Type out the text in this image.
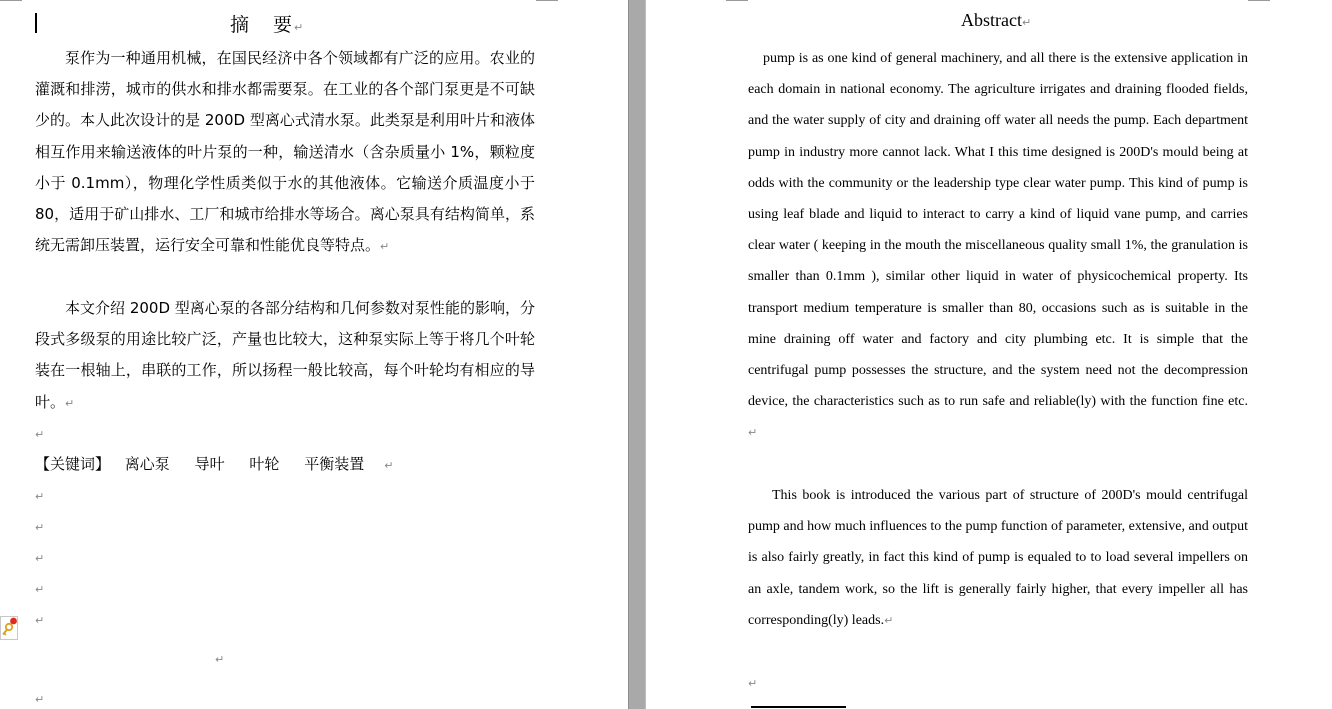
摘 要↵
泵作为一种通用机械，在国民经济中各个领域都有广泛的应用。农业的灌溉和排涝，城市的供水和排水都需要泵。在工业的各个部门泵更是不可缺少的。本人此次设计的是 200D 型离心式清水泵。此类泵是利用叶片和液体相互作用来输送液体的叶片泵的一种，输送清水（含杂质量小 1%，颗粒度小于 0.1mm），物理化学性质类似于水的其他液体。它输送介质温度小于 80，适用于矿山排水、工厂和城市给排水等场合。离心泵具有结构简单，系统无需卸压装置，运行安全可靠和性能优良等特点。↵
本文介绍 200D 型离心泵的各部分结构和几何参数对泵性能的影响，分段式多级泵的用途比较广泛，产量也比较大，这种泵实际上等于将几个叶轮装在一根轴上，串联的工作，所以扬程一般比较高，每个叶轮均有相应的导叶。↵
↵
【关键词】 离心泵 导叶 叶轮 平衡装置 ↵
↵
↵
↵
↵
↵
↵
↵
Abstract↵
pump is as one kind of general machinery, and all there is the extensive application in each domain in national economy. The agriculture irrigates and draining flooded fields, and the water supply of city and draining off water all needs the pump. Each department pump in industry more cannot lack. What I this time designed is 200D's mould being at odds with the community or the leadership type clear water pump. This kind of pump is using leaf blade and liquid to interact to carry a kind of liquid vane pump, and carries clear water ( keeping in the mouth the miscellaneous quality small 1%, the granulation is smaller than 0.1mm ), similar other liquid in water of physicochemical property. Its transport medium temperature is smaller than 80, occasions such as is suitable in the mine draining off water and factory and city plumbing etc. It is simple that the centrifugal pump possesses the structure, and the system need not the decompression device, the characteristics such as to run safe and reliable(ly) with the function fine etc. ↵
This book is introduced the various part of structure of 200D's mould centrifugal pump and how much influences to the pump function of parameter, extensive, and output is also fairly greatly, in fact this kind of pump is equaled to to load several impellers on an axle, tandem work, so the lift is generally fairly higher, that every impeller all has corresponding(ly) leads.↵
↵
